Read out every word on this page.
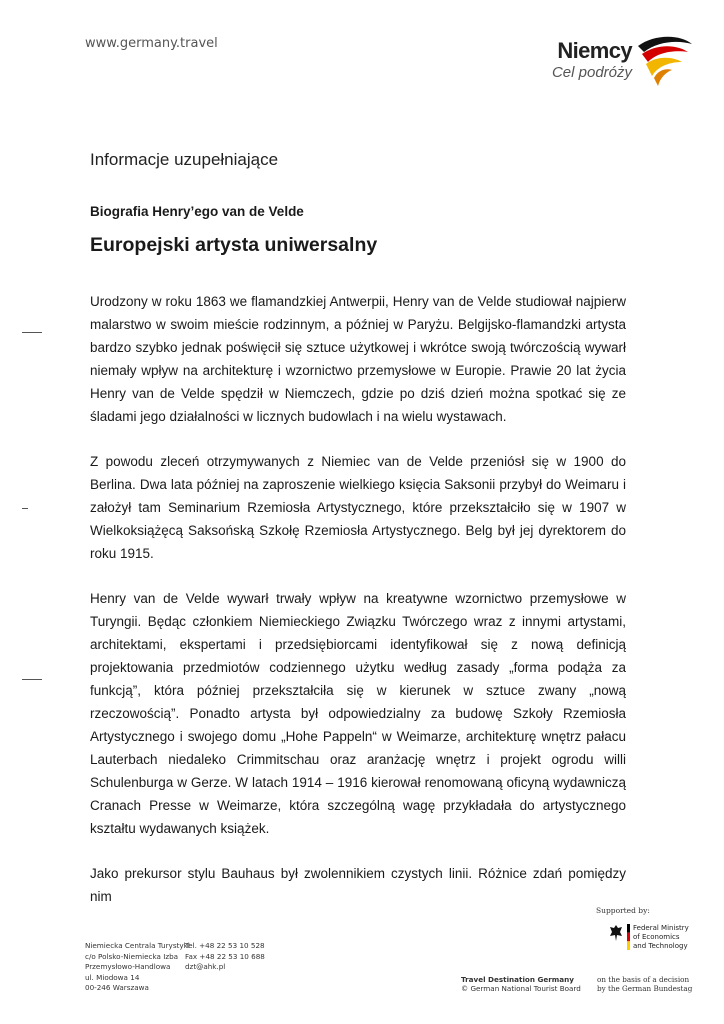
www.germany.travel	Niemcy
Cel podróży
Informacje uzupełniające
Biografia Henry’ego van de Velde
Europejski artysta uniwersalny

Urodzony w roku 1863 we flamandzkiej Antwerpii, Henry van de Velde studiował najpierw malarstwo w swoim mieście rodzinnym, a później w Paryżu. Belgijsko-flamandzki artysta bardzo szybko jednak poświęcił się sztuce użytkowej i wkrótce swoją twórczością wywarł niemały wpływ na architekturę i wzornictwo przemysłowe w Europie. Prawie 20 lat życia Henry van de Velde spędził w Niemczech, gdzie po dziś dzień można spotkać się ze śladami jego działalności w licznych budowlach i na wielu wystawach.

Z powodu zleceń otrzymywanych z Niemiec van de Velde przeniósł się w 1900 do Berlina. Dwa lata później na zaproszenie wielkiego księcia Saksonii przybył do Weimaru i założył tam Seminarium Rzemiosła Artystycznego, które przekształciło się w 1907 w Wielkoksiążęcą Saksońską Szkołę Rzemiosła Artystycznego. Belg był jej dyrektorem do roku 1915.

Henry van de Velde wywarł trwały wpływ na kreatywne wzornictwo przemysłowe w Turyngii. Będąc członkiem Niemieckiego Związku Twórczego wraz z innymi artystami, architektami, ekspertami i przedsiębiorcami identyfikował się z nową definicją projektowania przedmiotów codziennego użytku według zasady „forma podąża za funkcją”, która później przekształciła się w kierunek w sztuce zwany „nową rzeczowością”. Ponadto artysta był odpowiedzialny za budowę Szkoły Rzemiosła Artystycznego i swojego domu „Hohe Pappeln“ w Weimarze, architekturę wnętrz pałacu Lauterbach niedaleko Crimmitschau oraz aranżację wnętrz i projekt ogrodu willi Schulenburga w Gerze. W latach 1914 – 1916 kierował renomowaną oficyną wydawniczą Cranach Presse w Weimarze, która szczególną wagę przykładała do artystycznego kształtu wydawanych książek.

Jako prekursor stylu Bauhaus był zwolennikiem czystych linii. Różnice zdań pomiędzy nim

Niemiecka Centrala Turystyki
c/o Polsko-Niemiecka Izba
Przemysłowo-Handlowa
ul. Miodowa 14
00-246 Warszawa
Tel. +48 22 53 10 528
Fax +48 22 53 10 688
dzt@ahk.pl
Supported by:
Federal Ministry
of Economics
and Technology
Travel Destination Germany
© German National Tourist Board
on the basis of a decision
by the German Bundestag
